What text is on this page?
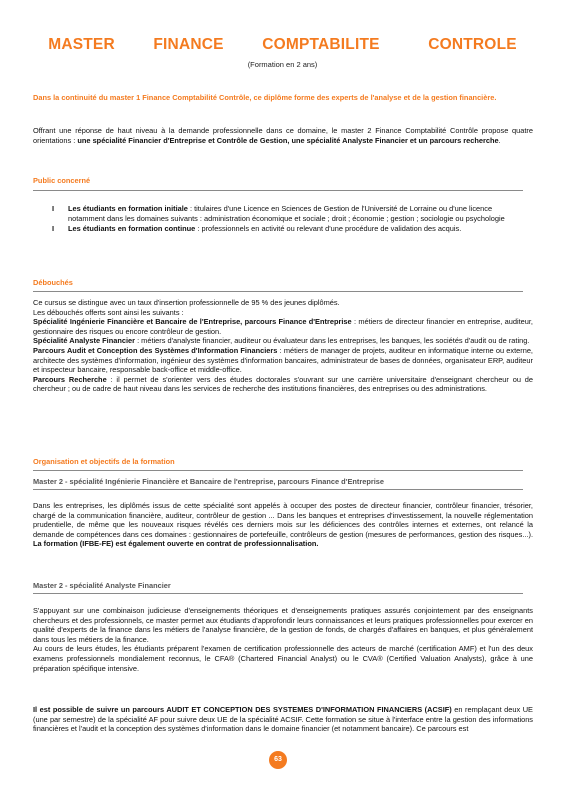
MASTER FINANCE COMPTABILITE	CONTROLE
(Formation en 2 ans)

Dans la continuité du master 1 Finance Comptabilité Contrôle, ce diplôme forme des experts de l'analyse et de la gestion financière.

Offrant une réponse de haut niveau à la demande professionnelle dans ce domaine, le master 2 Finance Comptabilité Contrôle propose quatre orientations : une spécialité Financier d'Entreprise et Contrôle de Gestion, une spécialité Analyste Financier et un parcours recherche.

Public concerné
I Les étudiants en formation initiale : titulaires d'une Licence en Sciences de Gestion de l'Université de Lorraine ou d'une licence notamment dans les domaines suivants : administration économique et sociale ; droit ; économie ; gestion ; sociologie ou psychologie
I Les étudiants en formation continue : professionnels en activité ou relevant d'une procédure de validation des acquis.
Débouchés

Ce cursus se distingue avec un taux d'insertion professionnelle de 95 % des jeunes diplômés.

Les débouchés offerts sont ainsi les suivants :

Spécialité Ingénierie Financière et Bancaire de l'Entreprise, parcours Finance d'Entreprise : métiers de directeur financier en entreprise, auditeur, gestionnaire des risques ou encore contrôleur de gestion.

Spécialité Analyste Financier : métiers d'analyste financier, auditeur ou évaluateur dans les entreprises, les banques, les sociétés d'audit ou de rating.

Parcours Audit et Conception des Systèmes d'Information Financiers : métiers de manager de projets, auditeur en informatique interne ou externe, architecte des systèmes d'information, ingénieur des systèmes d'information bancaires, administrateur de bases de données, organisateur ERP, auditeur et inspecteur bancaire, responsable back-office et middle-office.

Parcours Recherche : il permet de s'orienter vers des études doctorales s'ouvrant sur une carrière universitaire d'enseignant chercheur ou de chercheur ; ou de cadre de haut niveau dans les services de recherche des institutions financières, des entreprises ou des administrations.

Organisation et objectifs de la formation
Master 2 - spécialité Ingénierie Financière et Bancaire de l'entreprise, parcours Finance d'Entreprise

Dans les entreprises, les diplômés issus de cette spécialité sont appelés à occuper des postes de directeur financier, contrôleur financier, trésorier, chargé de la communication financière, auditeur, contrôleur de gestion ... Dans les banques et entreprises d'investissement, la nouvelle réglementation prudentielle, de même que les nouveaux risques révélés ces derniers mois sur les déficiences des contrôles internes et externes, ont relancé la demande de compétences dans ces domaines : gestionnaires de portefeuille, contrôleurs de gestion (mesures de performances, gestion des risques...). La formation (IFBE-FE) est également ouverte en contrat de professionnalisation.

Master 2 - spécialité Analyste Financier

S'appuyant sur une combinaison judicieuse d'enseignements théoriques et d'enseignements pratiques assurés conjointement par des enseignants chercheurs et des professionnels, ce master permet aux étudiants d'approfondir leurs connaissances et leurs pratiques professionnelles pour exercer en qualité d'experts de la finance dans les métiers de l'analyse financière, de la gestion de fonds, de chargés d'affaires en banques, et plus généralement dans tous les métiers de la finance.

Au cours de leurs études, les étudiants préparent l'examen de certification professionnelle des acteurs de marché (certification AMF) et l'un des deux examens professionnels mondialement reconnus, le CFA® (Chartered Financial Analyst) ou le CVA® (Certified Valuation Analysts), grâce à une préparation spécifique intensive.

Il est possible de suivre un parcours AUDIT ET CONCEPTION DES SYSTEMES D'INFORMATION FINANCIERS (ACSIF) en remplaçant deux UE (une par semestre) de la spécialité AF pour suivre deux UE de la spécialité ACSIF. Cette formation se situe à l'interface entre la gestion des informations financières et l'audit et la conception des systèmes d'information dans le domaine financier (et notamment bancaire). Ce parcours est

63
